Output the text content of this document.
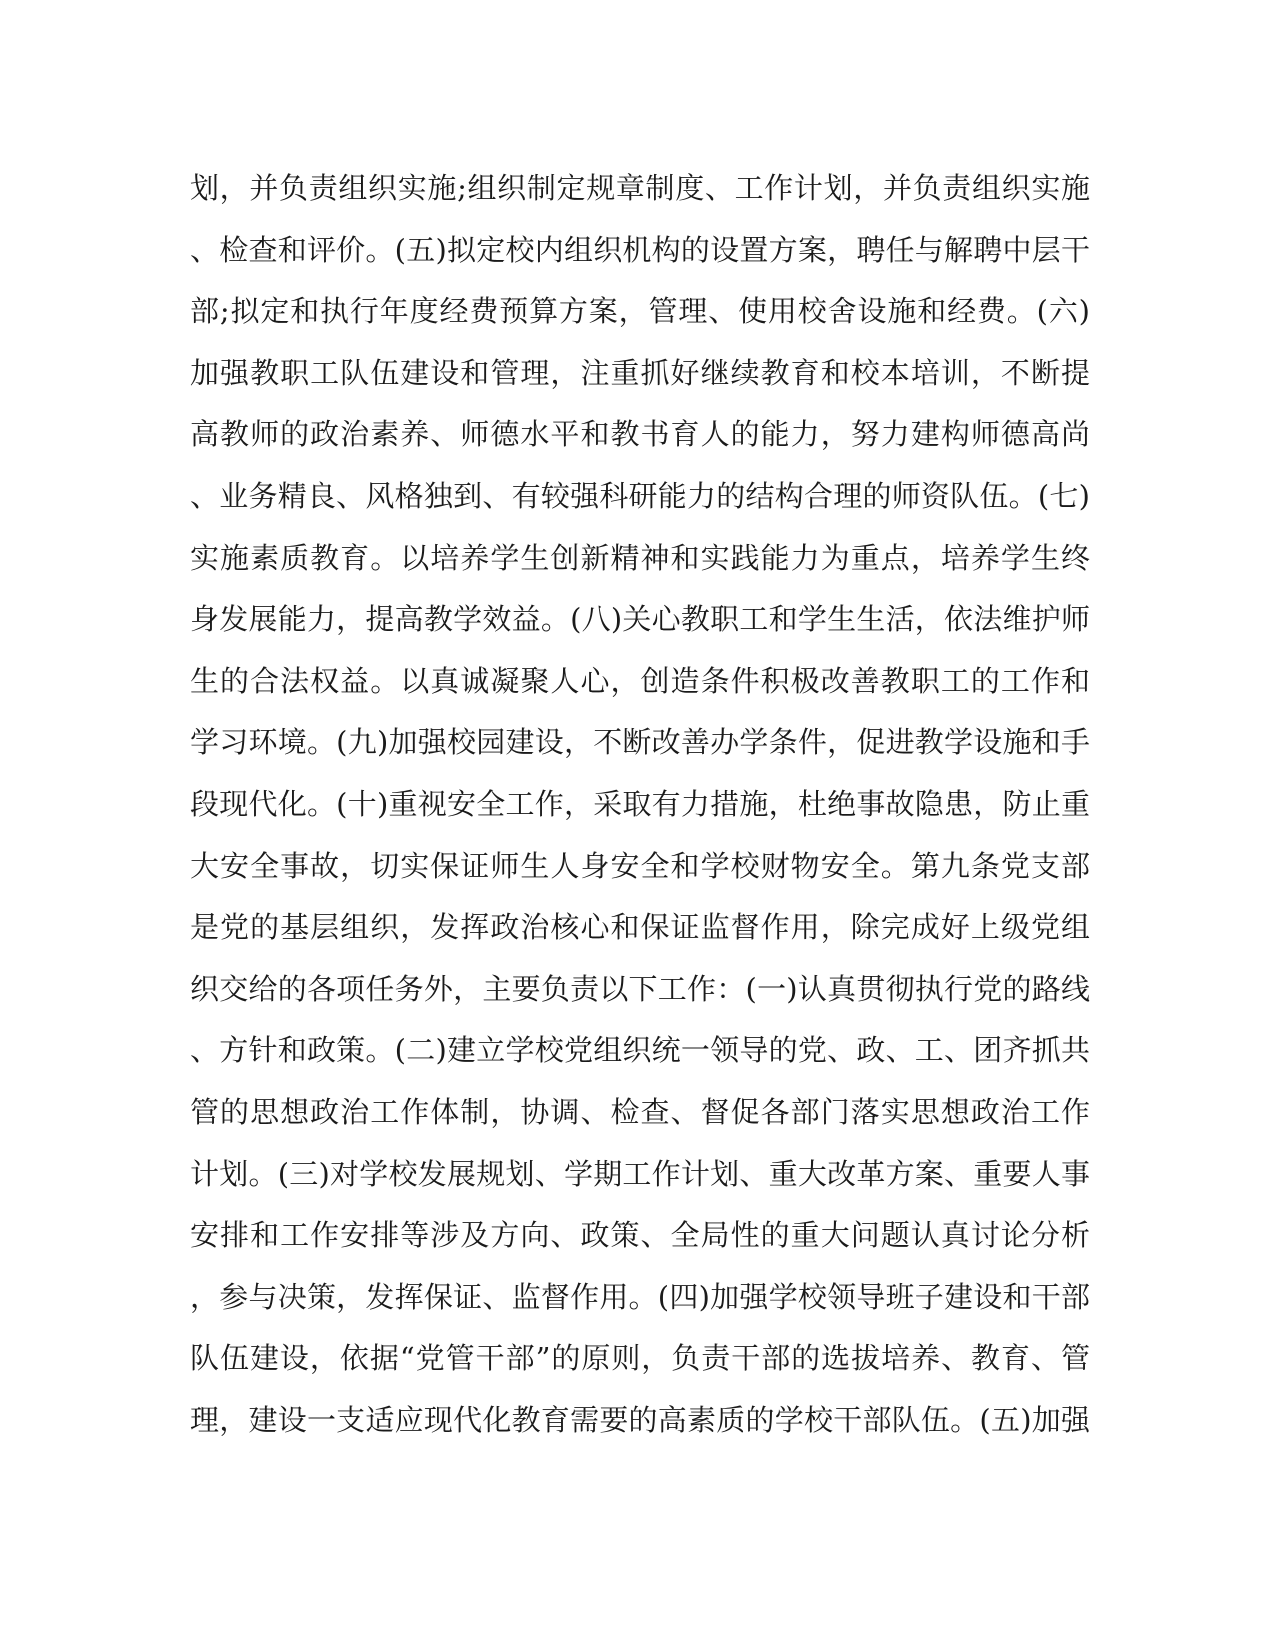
划，并负责组织实施;组织制定规章制度、工作计划，并负责组织实施
、检查和评价。(五)拟定校内组织机构的设置方案，聘任与解聘中层干
部;拟定和执行年度经费预算方案，管理、使用校舍设施和经费。(六)
加强教职工队伍建设和管理，注重抓好继续教育和校本培训，不断提
高教师的政治素养、师德水平和教书育人的能力，努力建构师德高尚
、业务精良、风格独到、有较强科研能力的结构合理的师资队伍。(七)
实施素质教育。以培养学生创新精神和实践能力为重点，培养学生终
身发展能力，提高教学效益。(八)关心教职工和学生生活，依法维护师
生的合法权益。以真诚凝聚人心，创造条件积极改善教职工的工作和
学习环境。(九)加强校园建设，不断改善办学条件，促进教学设施和手
段现代化。(十)重视安全工作，采取有力措施，杜绝事故隐患，防止重
大安全事故，切实保证师生人身安全和学校财物安全。第九条党支部
是党的基层组织，发挥政治核心和保证监督作用，除完成好上级党组
织交给的各项任务外，主要负责以下工作：(一)认真贯彻执行党的路线
、方针和政策。(二)建立学校党组织统一领导的党、政、工、团齐抓共
管的思想政治工作体制，协调、检查、督促各部门落实思想政治工作
计划。(三)对学校发展规划、学期工作计划、重大改革方案、重要人事
安排和工作安排等涉及方向、政策、全局性的重大问题认真讨论分析
，参与决策，发挥保证、监督作用。(四)加强学校领导班子建设和干部
队伍建设，依据“党管干部”的原则，负责干部的选拔培养、教育、管
理，建设一支适应现代化教育需要的高素质的学校干部队伍。(五)加强
